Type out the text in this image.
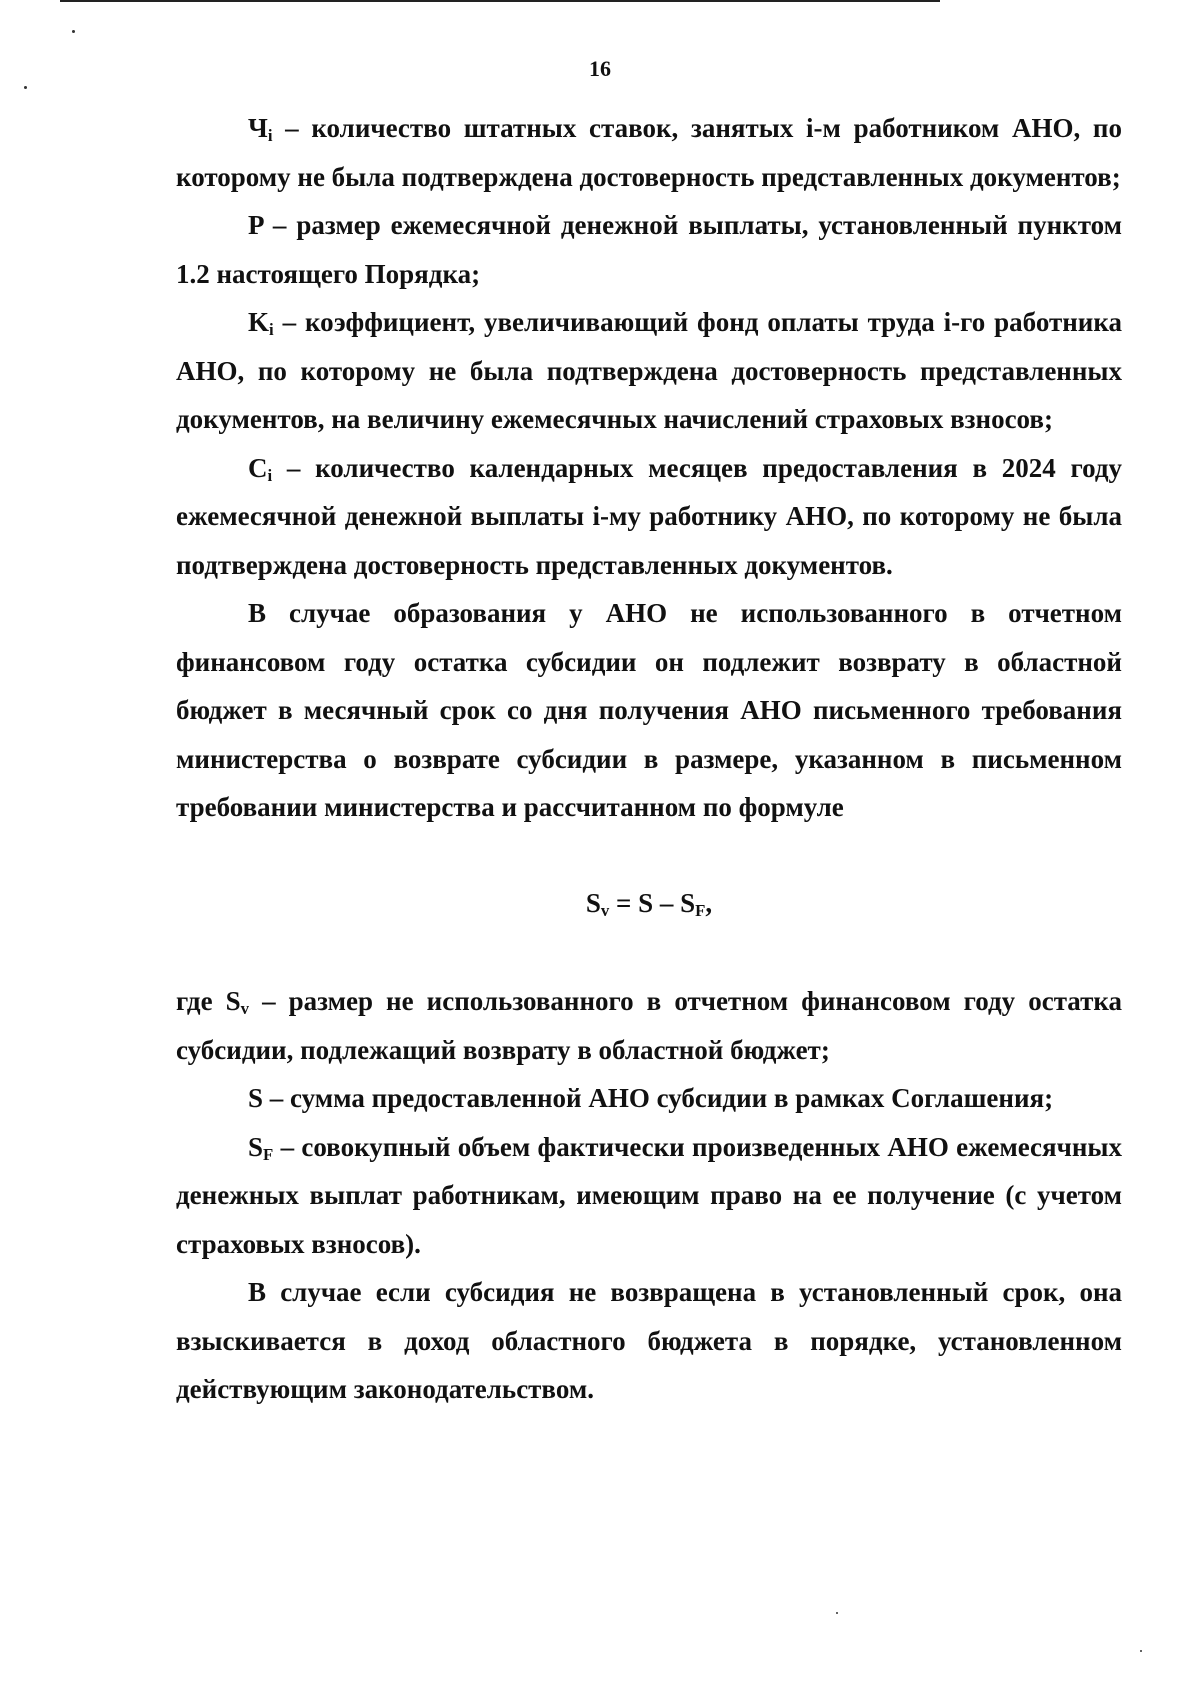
16

$Ч_i$ – количество штатных ставок, занятых i-м работником АНО, по которому не была подтверждена достоверность представленных документов;

P – размер ежемесячной денежной выплаты, установленный пунктом 1.2 настоящего Порядка;

$K_i$ – коэффициент, увеличивающий фонд оплаты труда i-го работника АНО, по которому не была подтверждена достоверность представленных документов, на величину ежемесячных начислений страховых взносов;

$C_i$ – количество календарных месяцев предоставления в 2024 году ежемесячной денежной выплаты i-му работнику АНО, по которому не была подтверждена достоверность представленных документов.

В случае образования у АНО не использованного в отчетном финансовом году остатка субсидии он подлежит возврату в областной бюджет в месячный срок со дня получения АНО письменного требования министерства о возврате субсидии в размере, указанном в письменном требовании министерства и рассчитанном по формуле

$S_v = S - S_F$,

где $S_v$ – размер не использованного в отчетном финансовом году остатка субсидии, подлежащий возврату в областной бюджет;

S – сумма предоставленной АНО субсидии в рамках Соглашения;

$S_F$ – совокупный объем фактически произведенных АНО ежемесячных денежных выплат работникам, имеющим право на ее получение (с учетом страховых взносов).

В случае если субсидия не возвращена в установленный срок, она взыскивается в доход областного бюджета в порядке, установленном действующим законодательством.
